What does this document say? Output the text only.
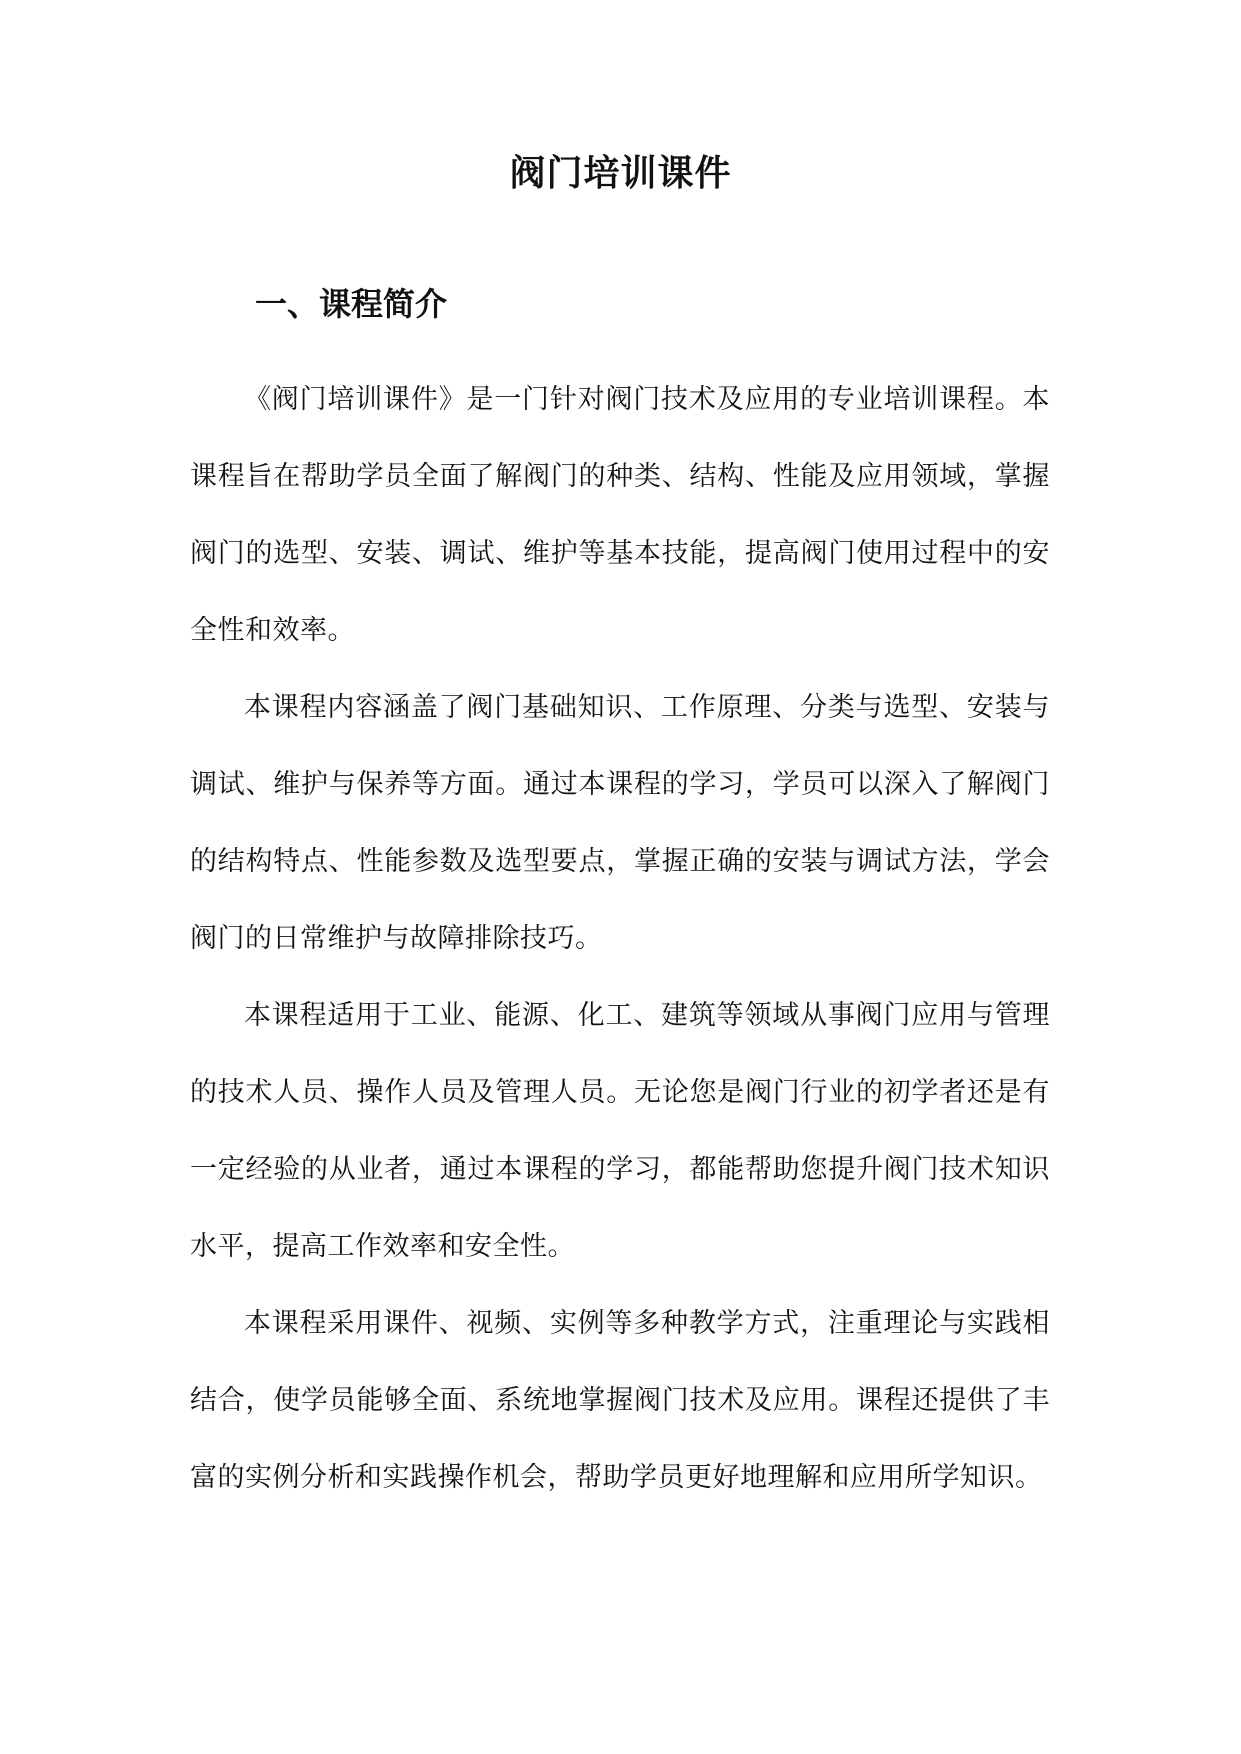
阀门培训课件
一、课程简介

《阀门培训课件》是一门针对阀门技术及应用的专业培训课程。本课程旨在帮助学员全面了解阀门的种类、结构、性能及应用领域，掌握阀门的选型、安装、调试、维护等基本技能，提高阀门使用过程中的安全性和效率。

本课程内容涵盖了阀门基础知识、工作原理、分类与选型、安装与调试、维护与保养等方面。通过本课程的学习，学员可以深入了解阀门的结构特点、性能参数及选型要点，掌握正确的安装与调试方法，学会阀门的日常维护与故障排除技巧。

本课程适用于工业、能源、化工、建筑等领域从事阀门应用与管理的技术人员、操作人员及管理人员。无论您是阀门行业的初学者还是有一定经验的从业者，通过本课程的学习，都能帮助您提升阀门技术知识水平，提高工作效率和安全性。

本课程采用课件、视频、实例等多种教学方式，注重理论与实践相结合，使学员能够全面、系统地掌握阀门技术及应用。课程还提供了丰富的实例分析和实践操作机会，帮助学员更好地理解和应用所学知识。
